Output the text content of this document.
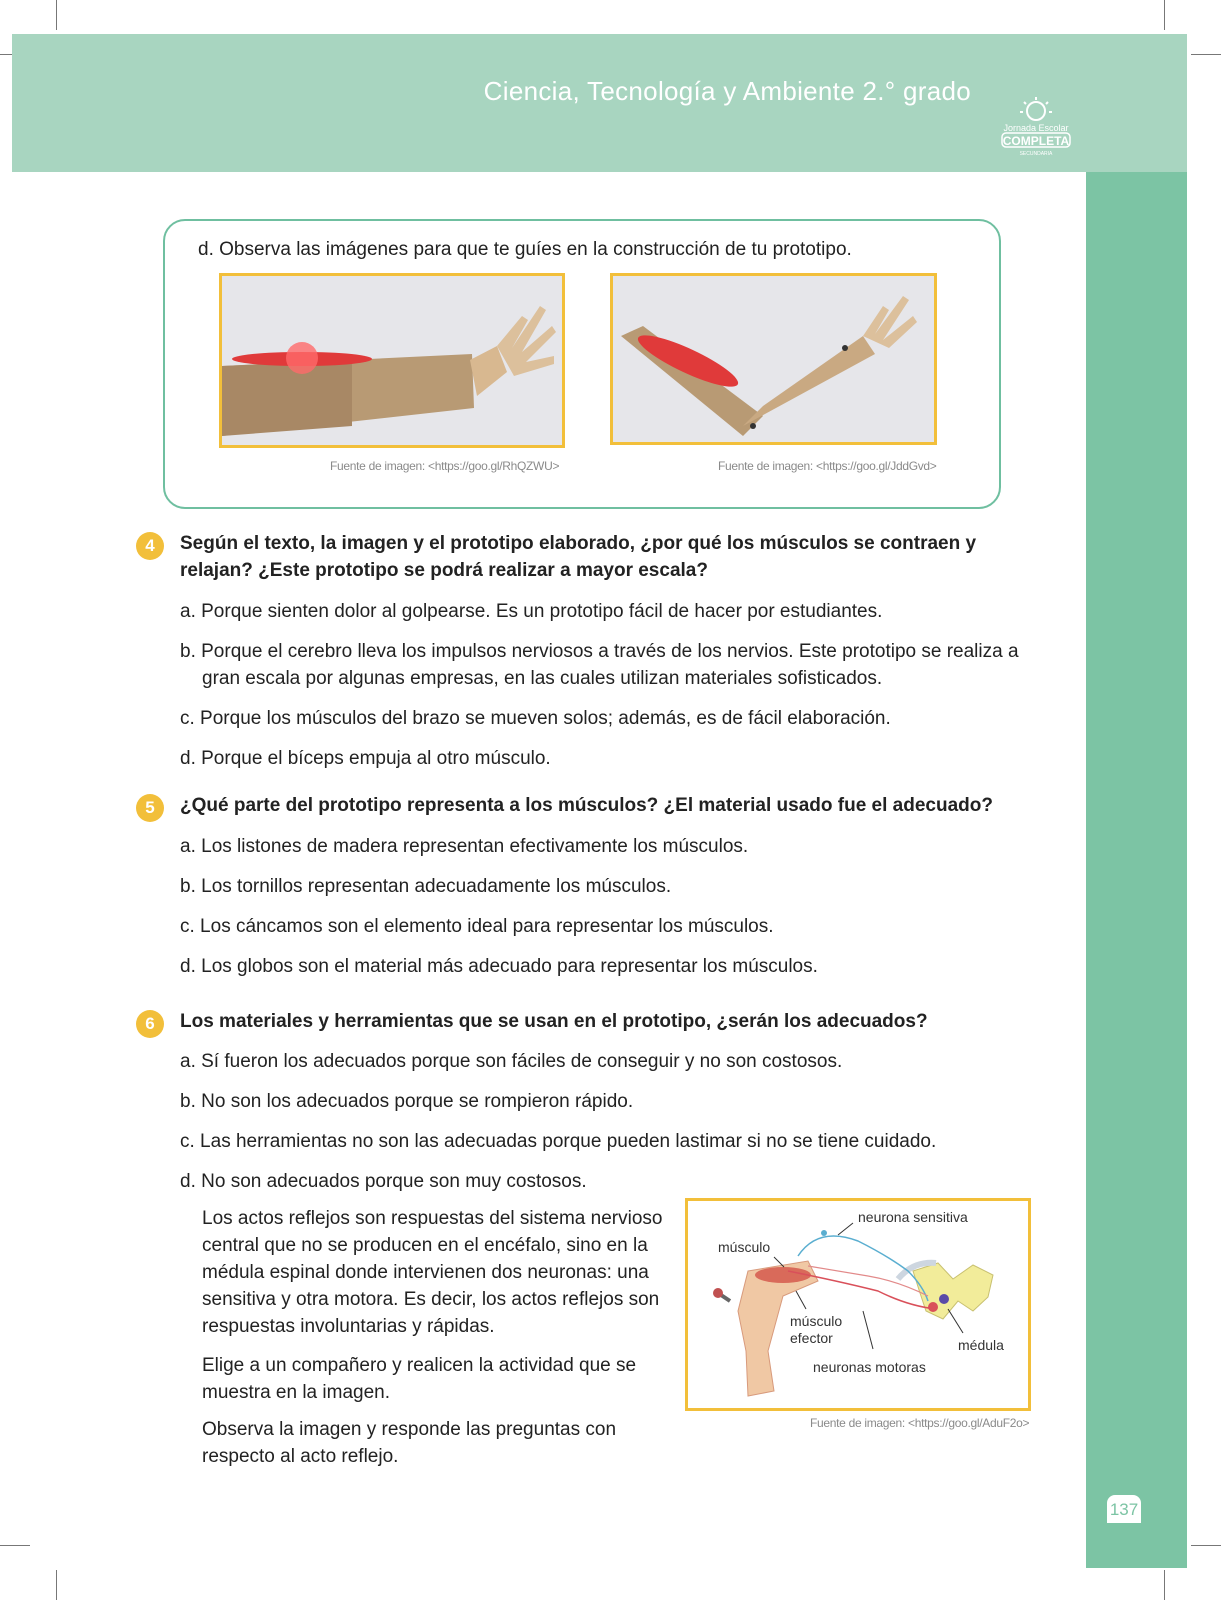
Ciencia, Tecnología y Ambiente 2.° grado
Jornada Escolar
COMPLETA
SECUNDARIA
137
d. Observa las imágenes para que te guíes en la construcción de tu prototipo.
Fuente de imagen: <https://goo.gl/RhQZWU>	Fuente de imagen: <https://goo.gl/JddGvd>
4	Según el texto, la imagen y el prototipo elaborado, ¿por qué los músculos se contraen y
relajan? ¿Este prototipo se podrá realizar a mayor escala?
a. Porque sienten dolor al golpearse. Es un prototipo fácil de hacer por estudiantes.
b. Porque el cerebro lleva los impulsos nerviosos a través de los nervios. Este prototipo se realiza a
gran escala por algunas empresas, en las cuales utilizan materiales sofisticados.
c. Porque los músculos del brazo se mueven solos; además, es de fácil elaboración.
d. Porque el bíceps empuja al otro músculo.
5	¿Qué parte del prototipo representa a los músculos? ¿El material usado fue el adecuado?
a. Los listones de madera representan efectivamente los músculos.
b. Los tornillos representan adecuadamente los músculos.
c. Los cáncamos son el elemento ideal para representar los músculos.
d. Los globos son el material más adecuado para representar los músculos.
6	Los materiales y herramientas que se usan en el prototipo, ¿serán los adecuados?
a. Sí fueron los adecuados porque son fáciles de conseguir y no son costosos.
b. No son los adecuados porque se rompieron rápido.
c. Las herramientas no son las adecuadas porque pueden lastimar si no se tiene cuidado.
d. No son adecuados porque son muy costosos.
Los actos reflejos son respuestas del sistema nervioso
central que no se producen en el encéfalo, sino en la
médula espinal donde intervienen dos neuronas: una
sensitiva y otra motora. Es decir, los actos reflejos son
respuestas involuntarias y rápidas.
Elige a un compañero y realicen la actividad que se
muestra en la imagen.
Observa la imagen y responde las preguntas con
respecto al acto reflejo.
músculo
neurona sensitiva
músculo
efector	médula
neuronas motoras
Fuente de imagen: <https://goo.gl/AduF2o>
